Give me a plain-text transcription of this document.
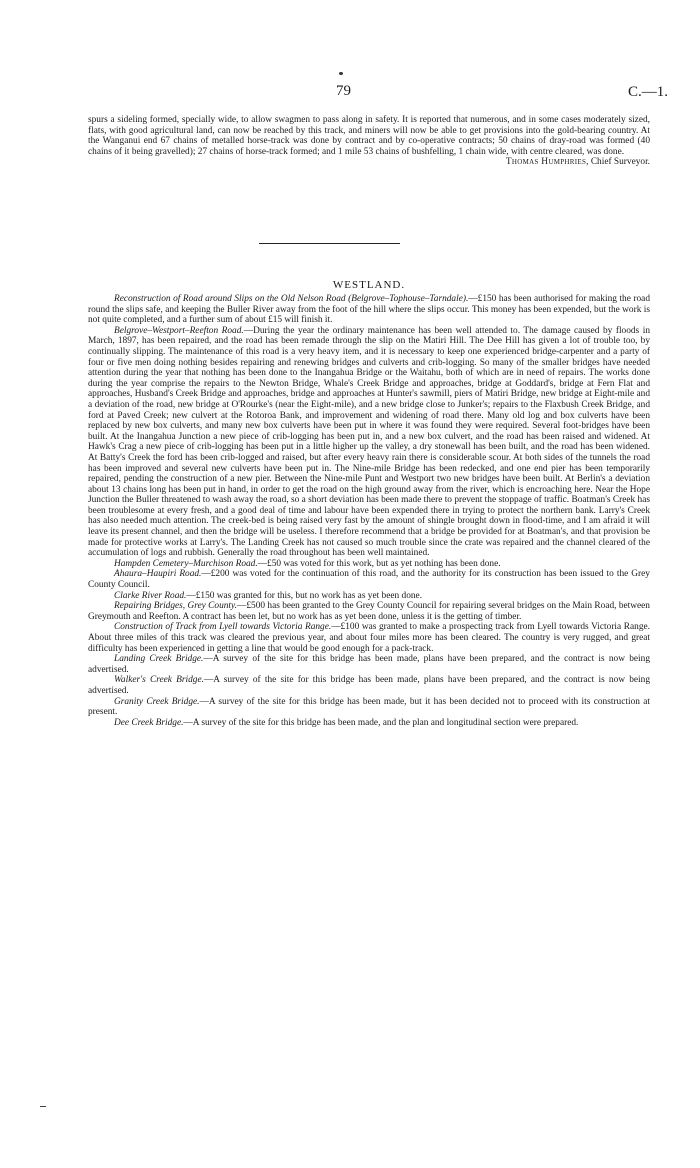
79	C.—1.

spurs a sideling formed, specially wide, to allow swagmen to pass along in safety. It is reported that numerous, and in some cases moderately sized, flats, with good agricultural land, can now be reached by this track, and miners will now be able to get provisions into the gold-bearing country. At the Wanganui end 67 chains of metalled horse-track was done by contract and by co-operative contracts; 50 chains of dray-road was formed (40 chains of it being gravelled); 27 chains of horse-track formed; and 1 mile 53 chains of bushfelling, 1 chain wide, with centre cleared, was done.

Thomas Humphries, Chief Surveyor.

WESTLAND.

Reconstruction of Road around Slips on the Old Nelson Road (Belgrove–Tophouse–Tarndale).—£150 has been authorised for making the road round the slips safe, and keeping the Buller River away from the foot of the hill where the slips occur. This money has been expended, but the work is not quite completed, and a further sum of about £15 will finish it.

Belgrove–Westport–Reefton Road.—During the year the ordinary maintenance has been well attended to. The damage caused by floods in March, 1897, has been repaired, and the road has been remade through the slip on the Matiri Hill. The Dee Hill has given a lot of trouble too, by continually slipping. The maintenance of this road is a very heavy item, and it is necessary to keep one experienced bridge-carpenter and a party of four or five men doing nothing besides repairing and renewing bridges and culverts and crib-logging. So many of the smaller bridges have needed attention during the year that nothing has been done to the Inangahua Bridge or the Waitahu, both of which are in need of repairs. The works done during the year comprise the repairs to the Newton Bridge, Whale's Creek Bridge and approaches, bridge at Goddard's, bridge at Fern Flat and approaches, Husband's Creek Bridge and approaches, bridge and approaches at Hunter's sawmill, piers of Matiri Bridge, new bridge at Eight-mile and a deviation of the road, new bridge at O'Rourke's (near the Eight-mile), and a new bridge close to Junker's; repairs to the Flaxbush Creek Bridge, and ford at Paved Creek; new culvert at the Rotoroa Bank, and improvement and widening of road there. Many old log and box culverts have been replaced by new box culverts, and many new box culverts have been put in where it was found they were required. Several foot-bridges have been built. At the Inangahua Junction a new piece of crib-logging has been put in, and a new box culvert, and the road has been raised and widened. At Hawk's Crag a new piece of crib-logging has been put in a little higher up the valley, a dry stonewall has been built, and the road has been widened. At Batty's Creek the ford has been crib-logged and raised, but after every heavy rain there is considerable scour. At both sides of the tunnels the road has been improved and several new culverts have been put in. The Nine-mile Bridge has been redecked, and one end pier has been temporarily repaired, pending the construction of a new pier. Between the Nine-mile Punt and Westport two new bridges have been built. At Berlin's a deviation about 13 chains long has been put in hand, in order to get the road on the high ground away from the river, which is encroaching here. Near the Hope Junction the Buller threatened to wash away the road, so a short deviation has been made there to prevent the stoppage of traffic. Boatman's Creek has been troublesome at every fresh, and a good deal of time and labour have been expended there in trying to protect the northern bank. Larry's Creek has also needed much attention. The creek-bed is being raised very fast by the amount of shingle brought down in flood-time, and I am afraid it will leave its present channel, and then the bridge will be useless. I therefore recommend that a bridge be provided for at Boatman's, and that provision be made for protective works at Larry's. The Landing Creek has not caused so much trouble since the crate was repaired and the channel cleared of the accumulation of logs and rubbish. Generally the road throughout has been well maintained.

Hampden Cemetery–Murchison Road.—£50 was voted for this work, but as yet nothing has been done.

Ahaura–Haupiri Road.—£200 was voted for the continuation of this road, and the authority for its construction has been issued to the Grey County Council.

Clarke River Road.—£150 was granted for this, but no work has as yet been done.

Repairing Bridges, Grey County.—£500 has been granted to the Grey County Council for repairing several bridges on the Main Road, between Greymouth and Reefton. A contract has been let, but no work has as yet been done, unless it is the getting of timber.

Construction of Track from Lyell towards Victoria Range.—£100 was granted to make a prospecting track from Lyell towards Victoria Range. About three miles of this track was cleared the previous year, and about four miles more has been cleared. The country is very rugged, and great difficulty has been experienced in getting a line that would be good enough for a pack-track.

Landing Creek Bridge.—A survey of the site for this bridge has been made, plans have been prepared, and the contract is now being advertised.

Walker's Creek Bridge.—A survey of the site for this bridge has been made, plans have been prepared, and the contract is now being advertised.

Granity Creek Bridge.—A survey of the site for this bridge has been made, but it has been decided not to proceed with its construction at present.

Dee Creek Bridge.—A survey of the site for this bridge has been made, and the plan and longitudinal section were prepared.
